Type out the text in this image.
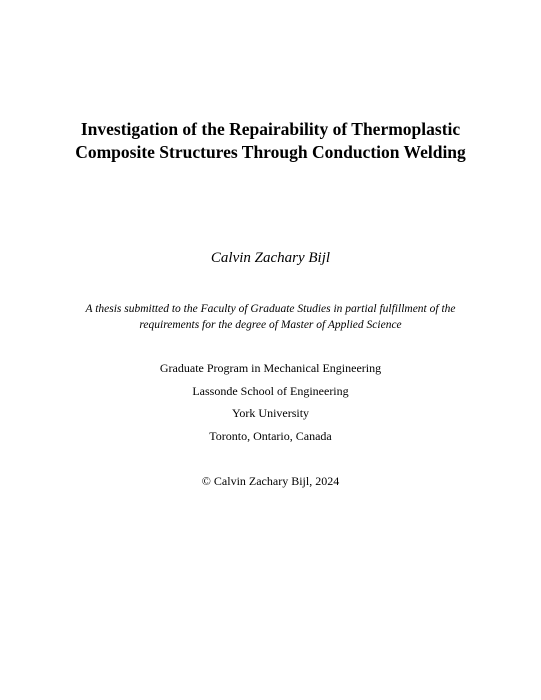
Investigation of the Repairability of Thermoplastic
Composite Structures Through Conduction Welding

Calvin Zachary Bijl

A thesis submitted to the Faculty of Graduate Studies in partial fulfillment of the
requirements for the degree of Master of Applied Science

Graduate Program in Mechanical Engineering

Lassonde School of Engineering

York University

Toronto, Ontario, Canada

© Calvin Zachary Bijl, 2024
